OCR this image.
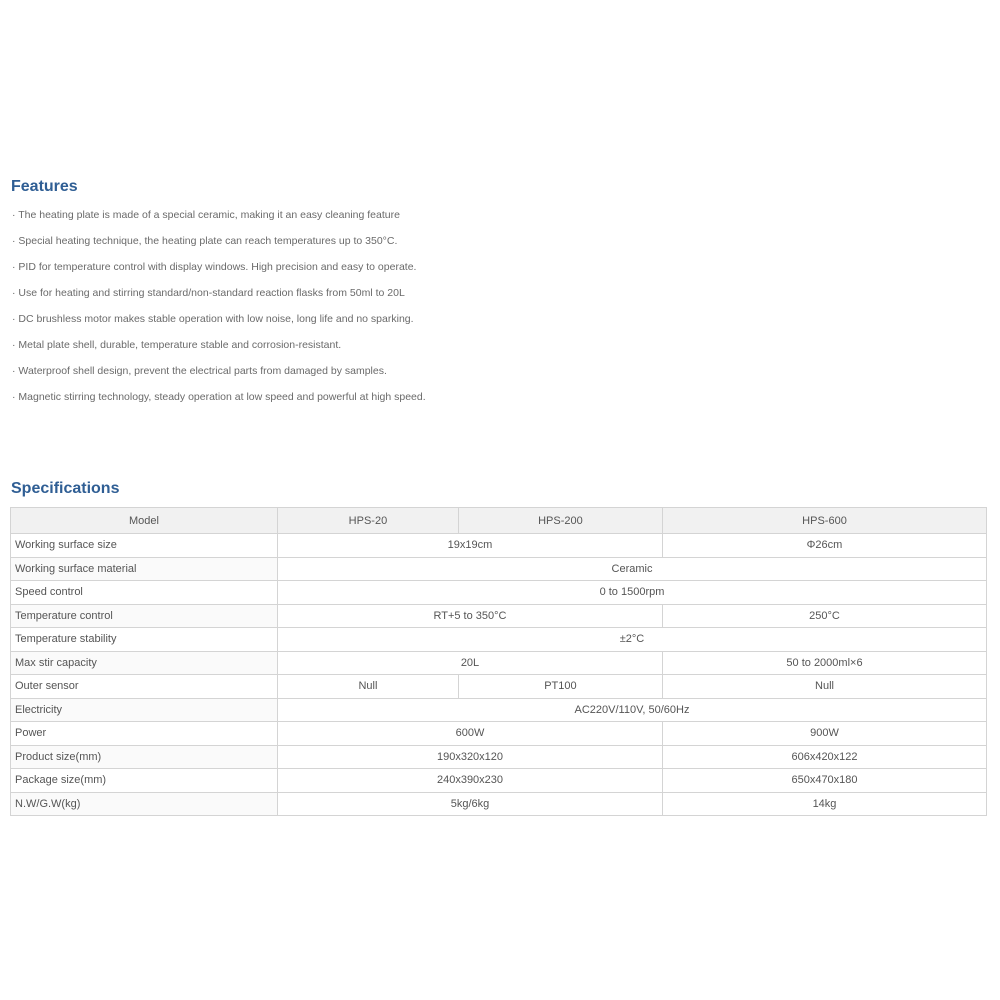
Features
· The heating plate is made of a special ceramic, making it an easy cleaning feature
· Special heating technique, the heating plate can reach temperatures up to 350°C.
· PID for temperature control with display windows. High precision and easy to operate.
· Use for heating and stirring standard/non-standard reaction flasks from 50ml to 20L
· DC brushless motor makes stable operation with low noise, long life and no sparking.
· Metal plate shell, durable, temperature stable and corrosion-resistant.
· Waterproof shell design, prevent the electrical parts from damaged by samples.
· Magnetic stirring technology, steady operation at low speed and powerful at high speed.
Specifications
Model	HPS-20	HPS-200	HPS-600
Working surface size	19x19cm		Φ26cm
Working surface material	Ceramic		
Speed control	0 to 1500rpm		
Temperature control	RT+5 to 350°C		250°C
Temperature stability	±2°C		
Max stir capacity	20L		50 to 2000ml×6
Outer sensor	Null	PT100	Null
Electricity	AC220V/110V, 50/60Hz		
Power	600W		900W
Product size(mm)	190x320x120		606x420x122
Package size(mm)	240x390x230		650x470x180
N.W/G.W(kg)	5kg/6kg		14kg
